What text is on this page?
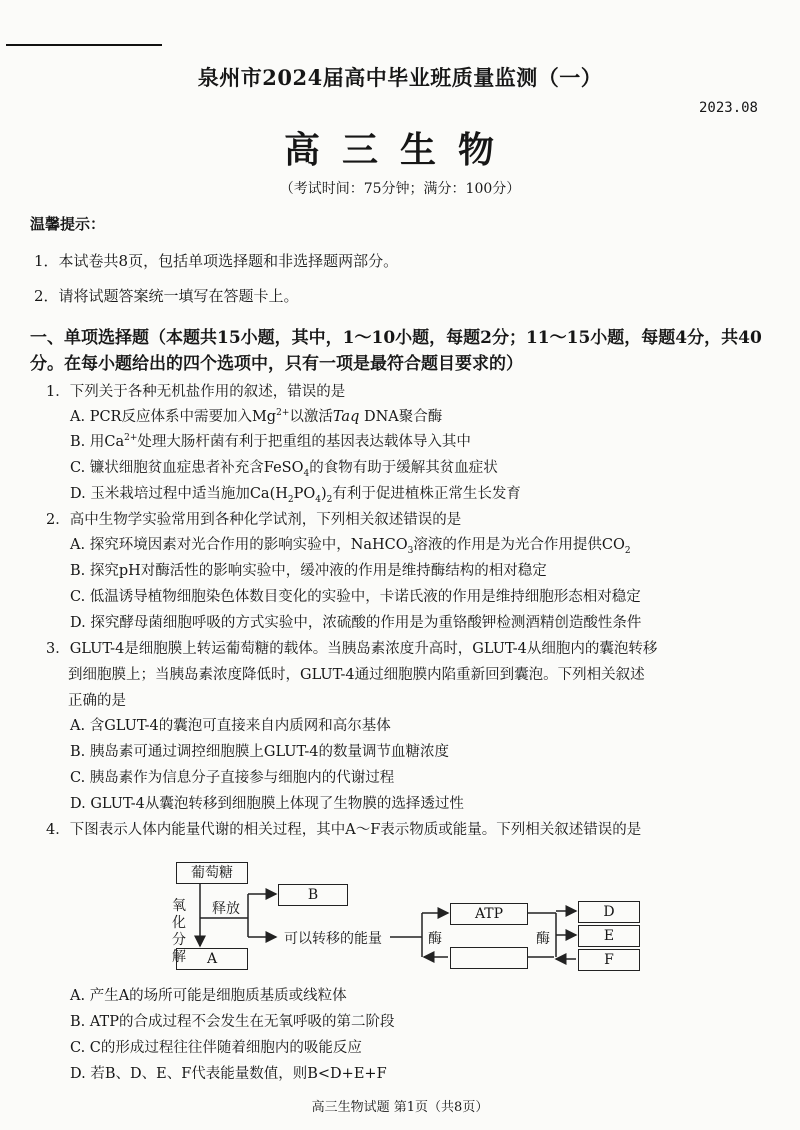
泉州市2024届高中毕业班质量监测（一）
2023.08
高三生物
（考试时间：75分钟；满分：100分）
温馨提示：
1．本试卷共8页，包括单项选择题和非选择题两部分。
2．请将试题答案统一填写在答题卡上。
一、单项选择题（本题共15小题，其中，1～10小题，每题2分；11～15小题，每题4分，共40分。在每小题给出的四个选项中，只有一项是最符合题目要求的）
1．下列关于各种无机盐作用的叙述，错误的是
A. PCR反应体系中需要加入$Mg^{2+}$以激活Taq DNA聚合酶
B. 用$Ca^{2+}$处理大肠杆菌有利于把重组的基因表达载体导入其中
C. 镰状细胞贫血症患者补充含FeSO$_4$的食物有助于缓解其贫血症状
D. 玉米栽培过程中适当施加$Ca(H_2PO_4)_2$有利于促进植株正常生长发育
2．高中生物学实验常用到各种化学试剂，下列相关叙述错误的是
A. 探究环境因素对光合作用的影响实验中，NaHCO$_3$溶液的作用是为光合作用提供$CO_2$
B. 探究pH对酶活性的影响实验中，缓冲液的作用是维持酶结构的相对稳定
C. 低温诱导植物细胞染色体数目变化的实验中，卡诺氏液的作用是维持细胞形态相对稳定
D. 探究酵母菌细胞呼吸的方式实验中，浓硫酸的作用是为重铬酸钾检测酒精创造酸性条件
3．GLUT-4是细胞膜上转运葡萄糖的载体。当胰岛素浓度升高时，GLUT-4从细胞内的囊泡转移
到细胞膜上；当胰岛素浓度降低时，GLUT-4通过细胞膜内陷重新回到囊泡。下列相关叙述
正确的是
A. 含GLUT-4的囊泡可直接来自内质网和高尔基体
B. 胰岛素可通过调控细胞膜上GLUT-4的数量调节血糖浓度
C. 胰岛素作为信息分子直接参与细胞内的代谢过程
D. GLUT-4从囊泡转移到细胞膜上体现了生物膜的选择透过性
4．下图表示人体内能量代谢的相关过程，其中A～F表示物质或能量。下列相关叙述错误的是
葡萄糖
氧化
分解
释放
B
可以转移的能量
A
酶
ATP
酶
D
E
F
A. 产生A的场所可能是细胞质基质或线粒体
B. ATP的合成过程不会发生在无氧呼吸的第二阶段
C. C的形成过程往往伴随着细胞内的吸能反应
D. 若B、D、E、F代表能量数值，则B<D+E+F
高三生物试题 第1页（共8页）
